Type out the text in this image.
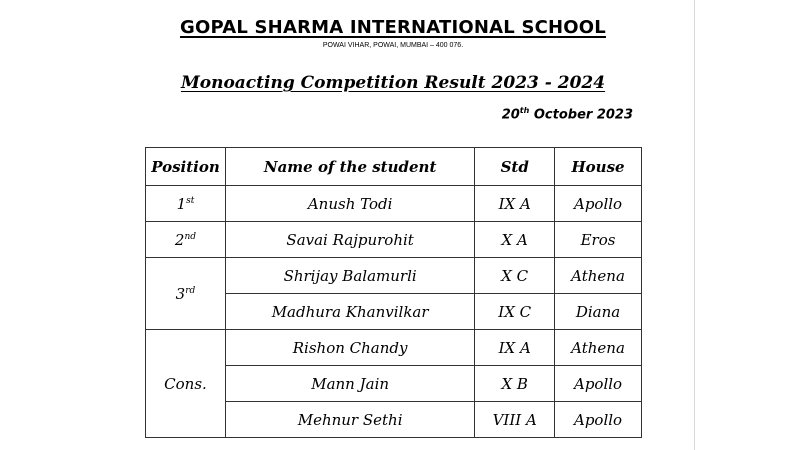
GOPAL SHARMA INTERNATIONAL SCHOOL
POWAI VIHAR, POWAI, MUMBAI – 400 076.
Monoacting Competition Result 2023 - 2024
20th October 2023
Position	Name of the student	Std	House
1st	Anush Todi	IX A	Apollo
2nd	Savai Rajpurohit	X A	Eros
3rd	Shrijay Balamurli	X C	Athena
	Madhura Khanvilkar	IX C	Diana
Cons.	Rishon Chandy	IX A	Athena
	Mann Jain	X B	Apollo
	Mehnur Sethi	VIII A	Apollo
